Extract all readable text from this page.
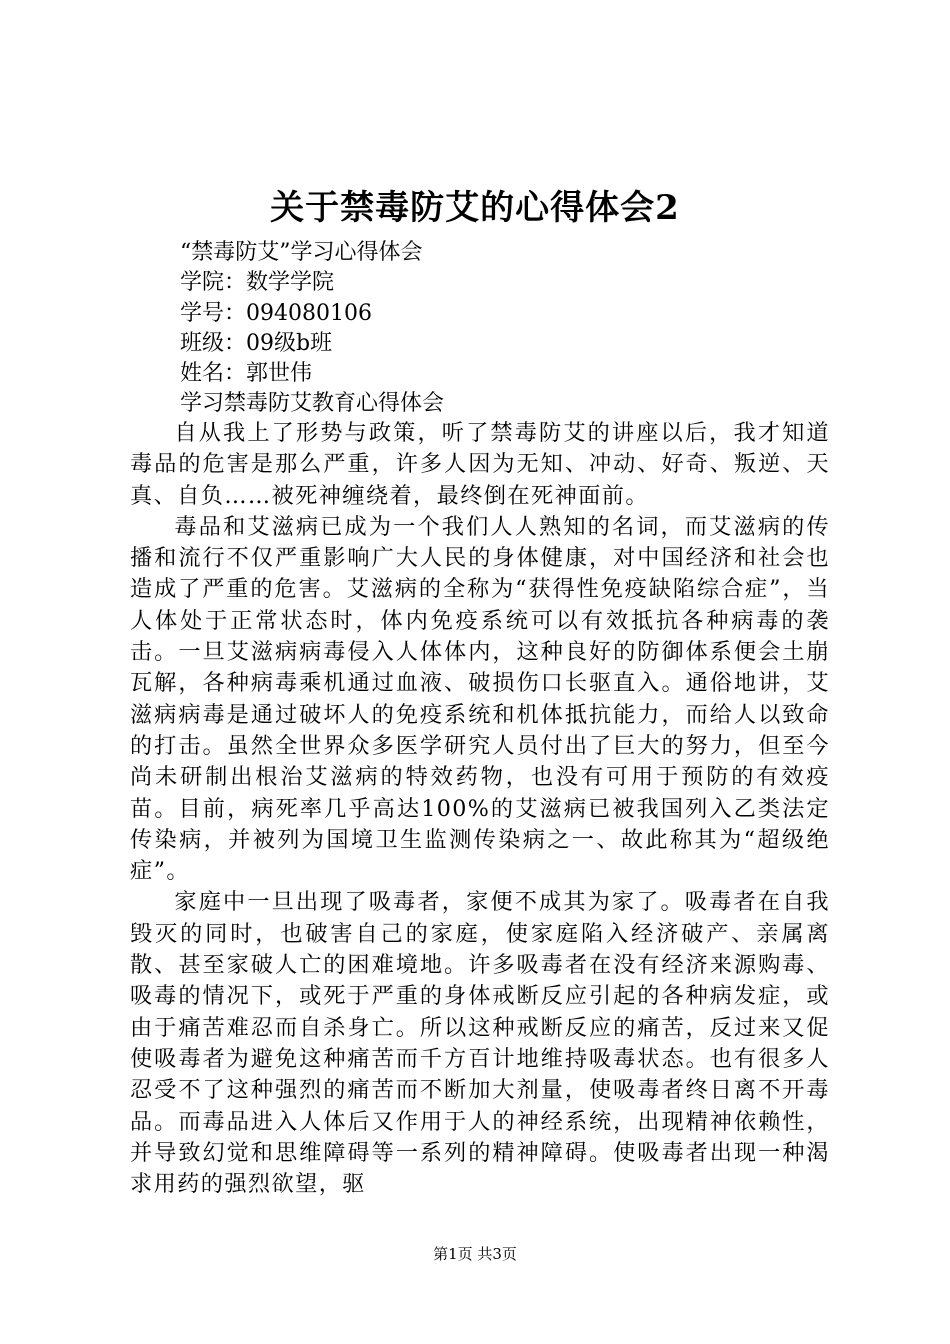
关于禁毒防艾的心得体会2
“禁毒防艾”学习心得体会
学院：数学学院
学号：094080106
班级：09级b班
姓名：郭世伟
学习禁毒防艾教育心得体会

自从我上了形势与政策，听了禁毒防艾的讲座以后，我才知道毒品的危害是那么严重，许多人因为无知、冲动、好奇、叛逆、天真、自负……被死神缠绕着，最终倒在死神面前。

毒品和艾滋病已成为一个我们人人熟知的名词，而艾滋病的传播和流行不仅严重影响广大人民的身体健康，对中国经济和社会也造成了严重的危害。艾滋病的全称为“获得性免疫缺陷综合症”，当人体处于正常状态时，体内免疫系统可以有效抵抗各种病毒的袭击。一旦艾滋病病毒侵入人体体内，这种良好的防御体系便会土崩瓦解，各种病毒乘机通过血液、破损伤口长驱直入。通俗地讲，艾滋病病毒是通过破坏人的免疫系统和机体抵抗能力，而给人以致命的打击。虽然全世界众多医学研究人员付出了巨大的努力，但至今尚未研制出根治艾滋病的特效药物，也没有可用于预防的有效疫苗。目前，病死率几乎高达100%的艾滋病已被我国列入乙类法定传染病，并被列为国境卫生监测传染病之一、故此称其为“超级绝症”。

家庭中一旦出现了吸毒者，家便不成其为家了。吸毒者在自我毁灭的同时，也破害自己的家庭，使家庭陷入经济破产、亲属离散、甚至家破人亡的困难境地。许多吸毒者在没有经济来源购毒、吸毒的情况下，或死于严重的身体戒断反应引起的各种病发症，或由于痛苦难忍而自杀身亡。所以这种戒断反应的痛苦，反过来又促使吸毒者为避免这种痛苦而千方百计地维持吸毒状态。也有很多人忍受不了这种强烈的痛苦而不断加大剂量，使吸毒者终日离不开毒品。而毒品进入人体后又作用于人的神经系统，出现精神依赖性，并导致幻觉和思维障碍等一系列的精神障碍。使吸毒者出现一种渴求用药的强烈欲望，驱

第1页 共3页
